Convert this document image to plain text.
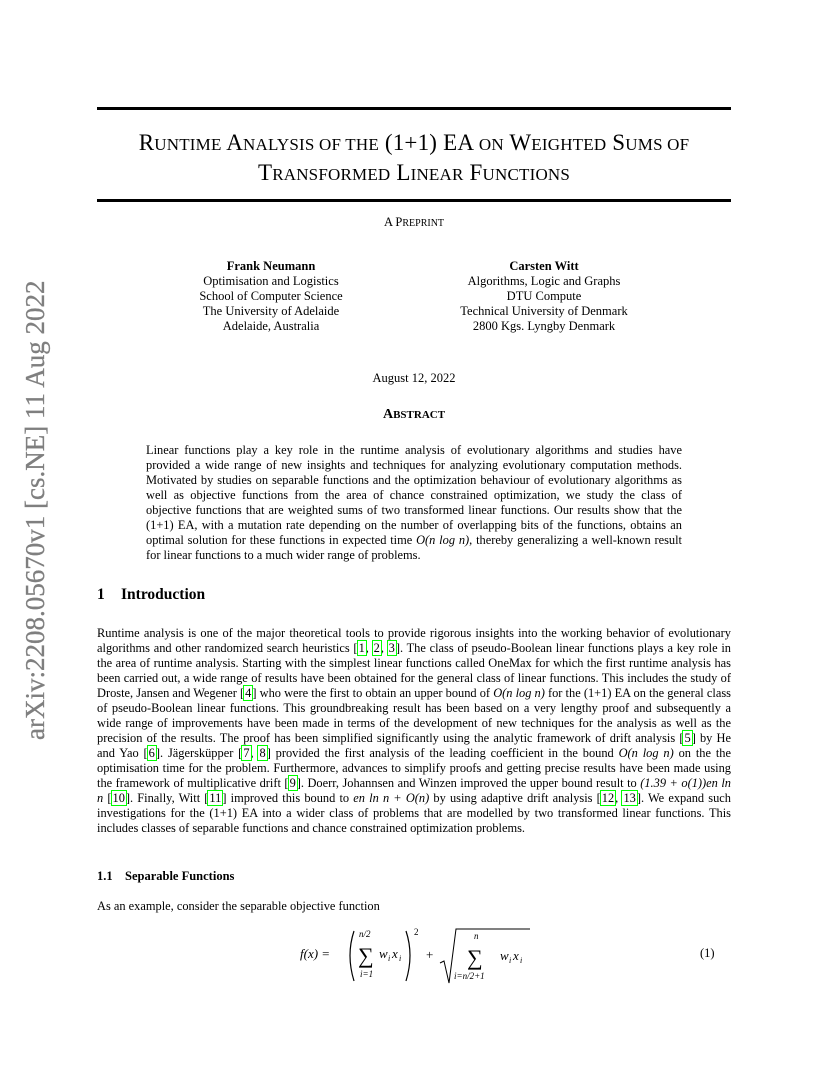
RUNTIME ANALYSIS OF THE (1+1) EA ON WEIGHTED SUMS OF
TRANSFORMED LINEAR FUNCTIONS
A PREPRINT
Frank Neumann
Optimisation and Logistics
School of Computer Science
The University of Adelaide
Adelaide, Australia
Carsten Witt
Algorithms, Logic and Graphs
DTU Compute
Technical University of Denmark
2800 Kgs. Lyngby Denmark
August 12, 2022
ABSTRACT
Linear functions play a key role in the runtime analysis of evolutionary algorithms and studies have provided a wide range of new insights and techniques for analyzing evolutionary computation methods. Motivated by studies on separable functions and the optimization behaviour of evolutionary algorithms as well as objective functions from the area of chance constrained optimization, we study the class of objective functions that are weighted sums of two transformed linear functions. Our results show that the (1+1) EA, with a mutation rate depending on the number of overlapping bits of the functions, obtains an optimal solution for these functions in expected time O(n log n), thereby generalizing a well-known result for linear functions to a much wider range of problems.
1 Introduction
Runtime analysis is one of the major theoretical tools to provide rigorous insights into the working behavior of evolutionary algorithms and other randomized search heuristics [1, 2, 3]. The class of pseudo-Boolean linear functions plays a key role in the area of runtime analysis. Starting with the simplest linear functions called OneMax for which the first runtime analysis has been carried out, a wide range of results have been obtained for the general class of linear functions. This includes the study of Droste, Jansen and Wegener [4] who were the first to obtain an upper bound of O(n log n) for the (1+1) EA on the general class of pseudo-Boolean linear functions. This groundbreaking result has been based on a very lengthy proof and subsequently a wide range of improvements have been made in terms of the development of new techniques for the analysis as well as the precision of the results. The proof has been simplified significantly using the analytic framework of drift analysis [5] by He and Yao [6]. Jägersküpper [7, 8] provided the first analysis of the leading coefficient in the bound O(n log n) on the the optimisation time for the problem. Furthermore, advances to simplify proofs and getting precise results have been made using the framework of multiplicative drift [9]. Doerr, Johannsen and Winzen improved the upper bound result to (1.39 + o(1))en ln n [10]. Finally, Witt [11] improved this bound to en ln n + O(n) by using adaptive drift analysis [12, 13]. We expand such investigations for the (1+1) EA into a wider class of problems that are modelled by two transformed linear functions. This includes classes of separable functions and chance constrained optimization problems.
1.1 Separable Functions
As an example, consider the separable objective function
f(x) =
n/2
∑
i=1
w i x i
2
+
n
∑
i=n/2+1
w i x i
(1)
arXiv:2208.05670v1 [cs.NE] 11 Aug 2022
